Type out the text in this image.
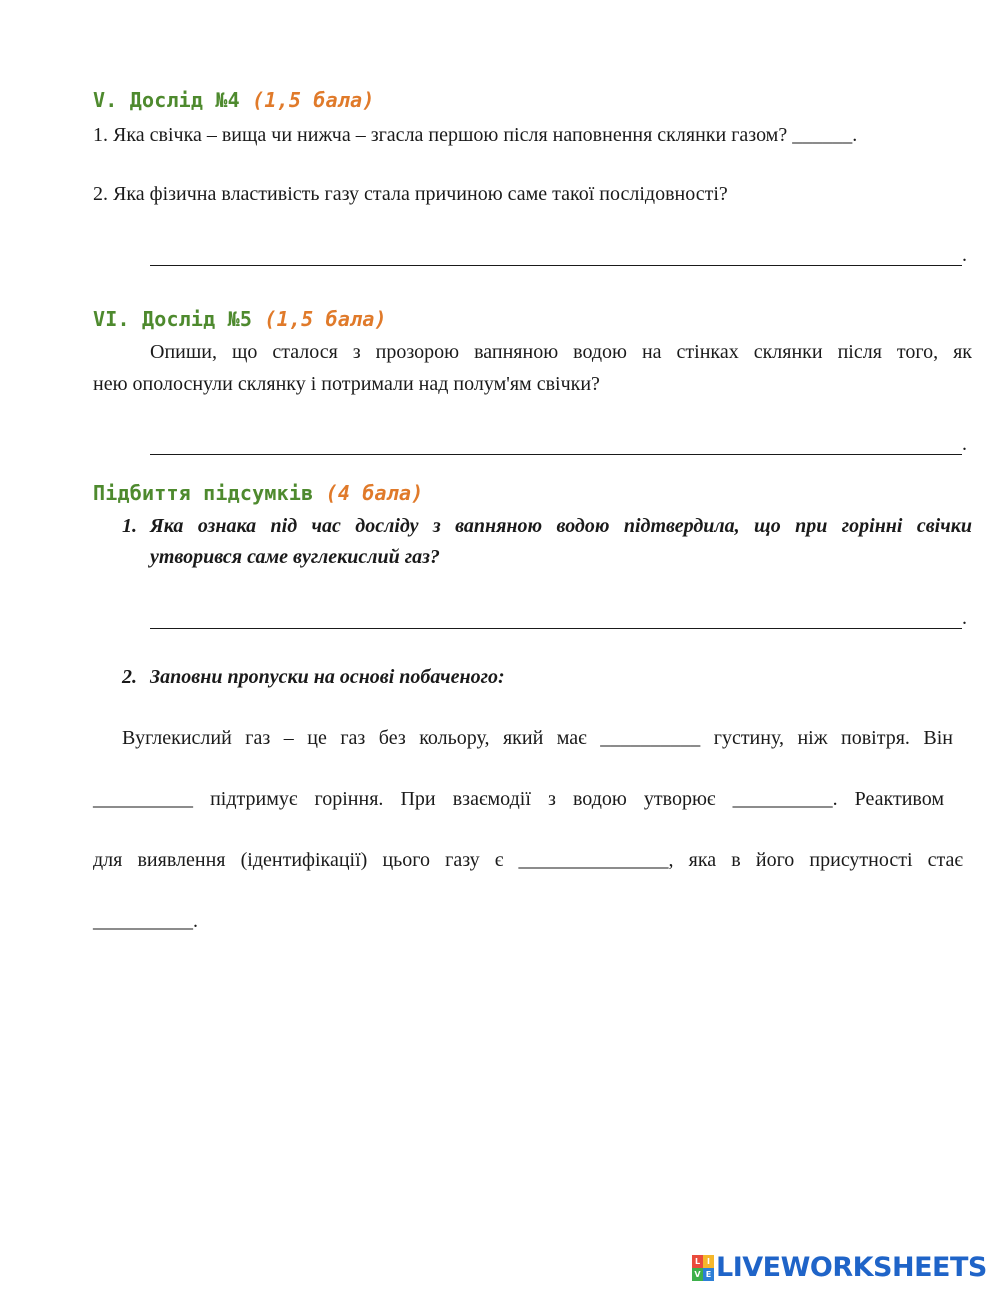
V. Дослід №4 (1,5 бала)
1. Яка свічка – вища чи нижча – згасла першою після наповнення склянки газом? ______.
2. Яка фізична властивість газу стала причиною саме такої послідовності?
.
VI. Дослід №5 (1,5 бала)
Опиши, що сталося з прозорою вапняною водою на стінках склянки після того, як
нею ополоснули склянку і потримали над полум'ям свічки?
.
Підбиття підсумків (4 бала)
1. Яка ознака під час досліду з вапняною водою підтвердила, що при горінні свічки
утворився саме вуглекислий газ?
.
2. Заповни пропуски на основі побаченого:
Вуглекислий газ – це газ без кольору, який має __________ густину, ніж повітря. Він
__________ підтримує горіння. При взаємодії з водою утворює __________. Реактивом
для виявлення (ідентифікації) цього газу є _______________, яка в його присутності стає
__________.
L I
V E LIVEWORKSHEETS
